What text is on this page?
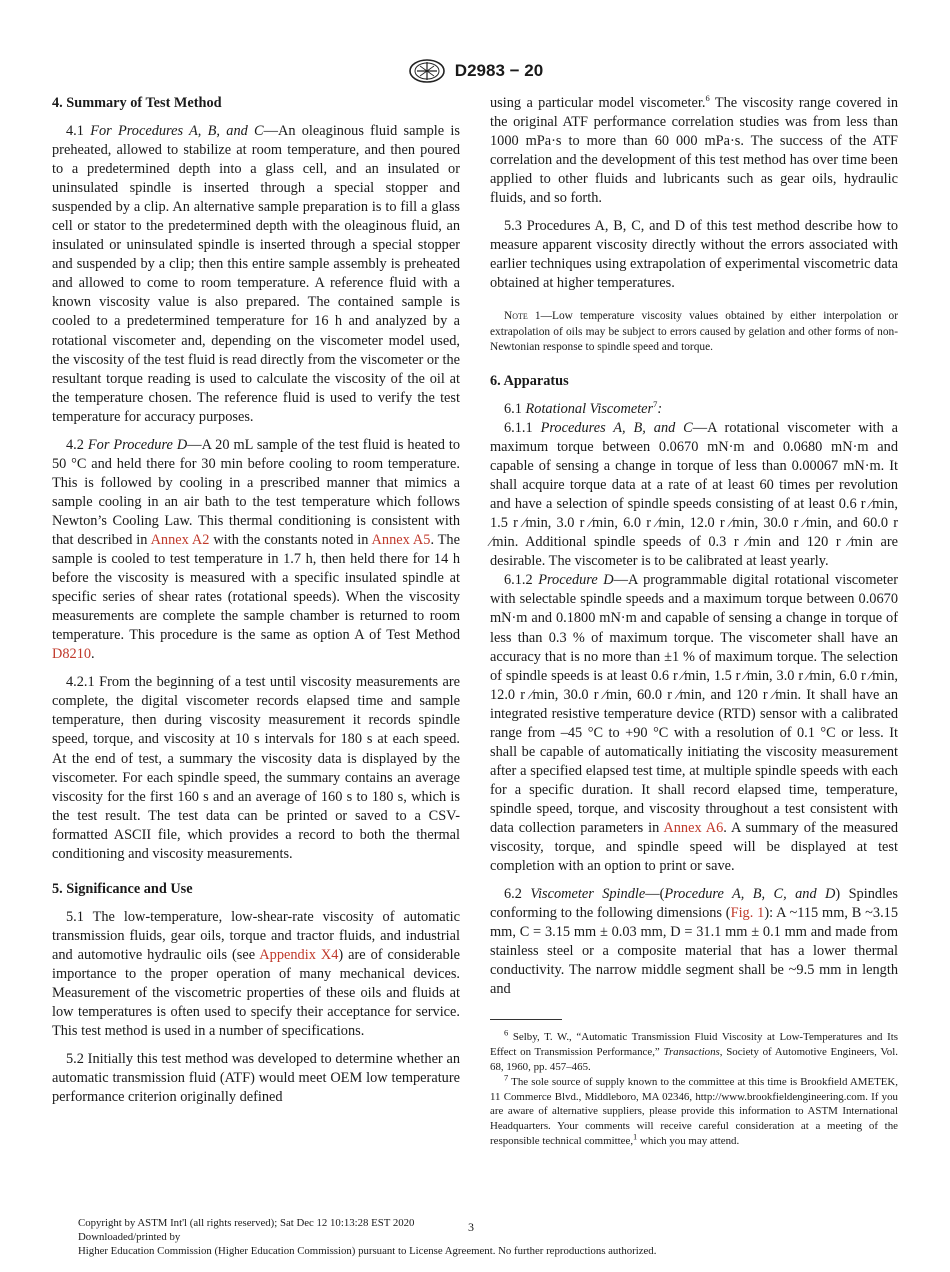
D2983 − 20
4. Summary of Test Method

4.1 For Procedures A, B, and C—An oleaginous fluid sample is preheated, allowed to stabilize at room temperature, and then poured to a predetermined depth into a glass cell, and an insulated or uninsulated spindle is inserted through a special stopper and suspended by a clip. An alternative sample preparation is to fill a glass cell or stator to the predetermined depth with the oleaginous fluid, an insulated or uninsulated spindle is inserted through a special stopper and suspended by a clip; then this entire sample assembly is preheated and allowed to come to room temperature. A reference fluid with a known viscosity value is also prepared. The contained sample is cooled to a predetermined temperature for 16 h and analyzed by a rotational viscometer and, depending on the viscometer model used, the viscosity of the test fluid is read directly from the viscometer or the resultant torque reading is used to calculate the viscosity of the oil at the temperature chosen. The reference fluid is used to verify the test temperature for accuracy purposes.

4.2 For Procedure D—A 20 mL sample of the test fluid is heated to 50 °C and held there for 30 min before cooling to room temperature. This is followed by cooling in a prescribed manner that mimics a sample cooling in an air bath to the test temperature which follows Newton’s Cooling Law. This thermal conditioning is consistent with that described in Annex A2 with the constants noted in Annex A5. The sample is cooled to test temperature in 1.7 h, then held there for 14 h before the viscosity is measured with a specific insulated spindle at specific series of shear rates (rotational speeds). When the viscosity measurements are complete the sample chamber is returned to room temperature. This procedure is the same as option A of Test Method D8210.

4.2.1 From the beginning of a test until viscosity measurements are complete, the digital viscometer records elapsed time and sample temperature, then during viscosity measurement it records spindle speed, torque, and viscosity at 10 s intervals for 180 s at each speed. At the end of test, a summary the viscosity data is displayed by the viscometer. For each spindle speed, the summary contains an average viscosity for the first 160 s and an average of 160 s to 180 s, which is the test result. The test data can be printed or saved to a CSV-formatted ASCII file, which provides a record to both the thermal conditioning and viscosity measurements.

5. Significance and Use

5.1 The low-temperature, low-shear-rate viscosity of automatic transmission fluids, gear oils, torque and tractor fluids, and industrial and automotive hydraulic oils (see Appendix X4) are of considerable importance to the proper operation of many mechanical devices. Measurement of the viscometric properties of these oils and fluids at low temperatures is often used to specify their acceptance for service. This test method is used in a number of specifications.

5.2 Initially this test method was developed to determine whether an automatic transmission fluid (ATF) would meet OEM low temperature performance criterion originally defined

using a particular model viscometer.$^6$ The viscosity range covered in the original ATF performance correlation studies was from less than 1000 mPa·s to more than 60 000 mPa·s. The success of the ATF correlation and the development of this test method has over time been applied to other fluids and lubricants such as gear oils, hydraulic fluids, and so forth.

5.3 Procedures A, B, C, and D of this test method describe how to measure apparent viscosity directly without the errors associated with earlier techniques using extrapolation of experimental viscometric data obtained at higher temperatures.

Note 1—Low temperature viscosity values obtained by either interpolation or extrapolation of oils may be subject to errors caused by gelation and other forms of non-Newtonian response to spindle speed and torque.

6. Apparatus

6.1 Rotational Viscometer$^7$:

6.1.1 Procedures A, B, and C—A rotational viscometer with a maximum torque between 0.0670 mN·m and 0.0680 mN·m and capable of sensing a change in torque of less than 0.00067 mN·m. It shall acquire torque data at a rate of at least 60 times per revolution and have a selection of spindle speeds consisting of at least 0.6 r ⁄min, 1.5 r ⁄min, 3.0 r ⁄min, 6.0 r ⁄min, 12.0 r ⁄min, 30.0 r ⁄min, and 60.0 r ⁄min. Additional spindle speeds of 0.3 r ⁄min and 120 r ⁄min are desirable. The viscometer is to be calibrated at least yearly.

6.1.2 Procedure D—A programmable digital rotational viscometer with selectable spindle speeds and a maximum torque between 0.0670 mN·m and 0.1800 mN·m and capable of sensing a change in torque of less than 0.3 % of maximum torque. The viscometer shall have an accuracy that is no more than ±1 % of maximum torque. The selection of spindle speeds is at least 0.6 r ⁄min, 1.5 r ⁄min, 3.0 r ⁄min, 6.0 r ⁄min, 12.0 r ⁄min, 30.0 r ⁄min, 60.0 r ⁄min, and 120 r ⁄min. It shall have an integrated resistive temperature device (RTD) sensor with a calibrated range from –45 °C to +90 °C with a resolution of 0.1 °C or less. It shall be capable of automatically initiating the viscosity measurement after a specified elapsed test time, at multiple spindle speeds with each for a specific duration. It shall record elapsed time, temperature, spindle speed, torque, and viscosity throughout a test consistent with data collection parameters in Annex A6. A summary of the measured viscosity, torque, and spindle speed will be displayed at test completion with an option to print or save.

6.2 Viscometer Spindle—(Procedure A, B, C, and D) Spindles conforming to the following dimensions (Fig. 1): A ~115 mm, B ~3.15 mm, C = 3.15 mm ± 0.03 mm, D = 31.1 mm ± 0.1 mm and made from stainless steel or a composite material that has a lower thermal conductivity. The narrow middle segment shall be ~9.5 mm in length and

$^6$ Selby, T. W., “Automatic Transmission Fluid Viscosity at Low-Temperatures and Its Effect on Transmission Performance,” Transactions, Society of Automotive Engineers, Vol. 68, 1960, pp. 457–465.

$^7$ The sole source of supply known to the committee at this time is Brookfield AMETEK, 11 Commerce Blvd., Middleboro, MA 02346, http://www.brookfieldengineering.com. If you are aware of alternative suppliers, please provide this information to ASTM International Headquarters. Your comments will receive careful consideration at a meeting of the responsible technical committee,$^1$ which you may attend.

3
Copyright by ASTM Int'l (all rights reserved); Sat Dec 12 10:13:28 EST 2020
Downloaded/printed by
Higher Education Commission (Higher Education Commission) pursuant to License Agreement. No further reproductions authorized.
